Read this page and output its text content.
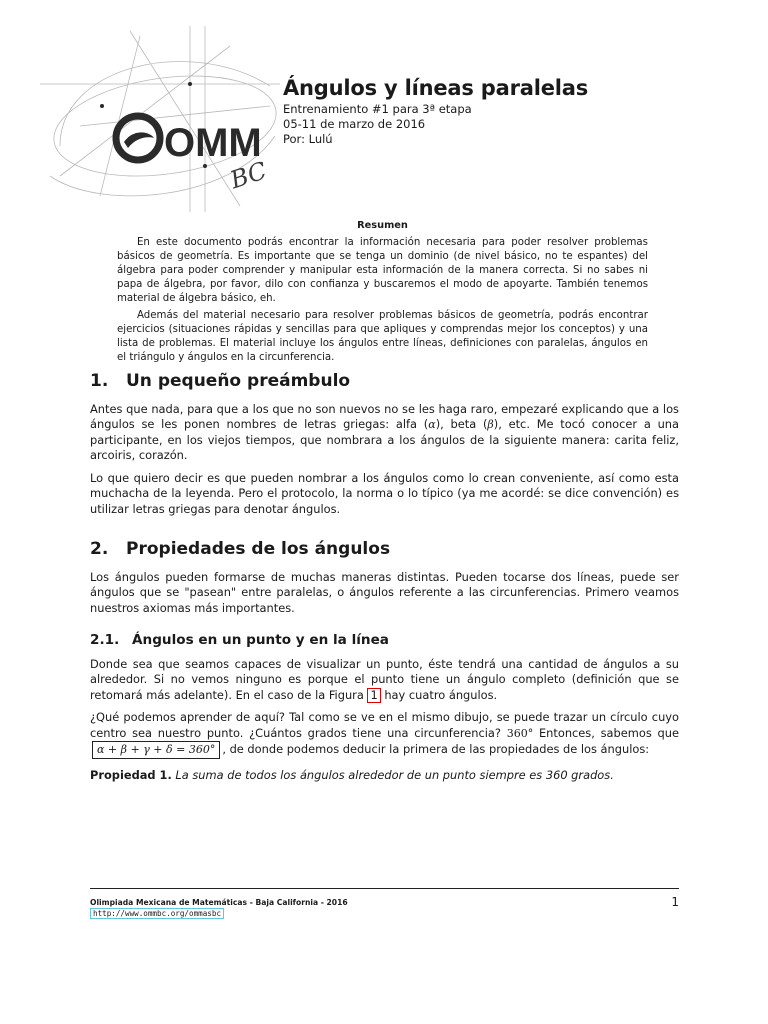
OMM
BC
Ángulos y líneas paralelas

Entrenamiento #1 para 3ª etapa

05-11 de marzo de 2016

Por: Lulú

Resumen

En este documento podrás encontrar la información necesaria para poder resolver problemas básicos de geometría. Es importante que se tenga un dominio (de nivel básico, no te espantes) del álgebra para poder comprender y manipular esta información de la manera correcta. Si no sabes ni papa de álgebra, por favor, dilo con confianza y buscaremos el modo de apoyarte. También tenemos material de álgebra básico, eh.

Además del material necesario para resolver problemas básicos de geometría, podrás encontrar ejercicios (situaciones rápidas y sencillas para que apliques y comprendas mejor los conceptos) y una lista de problemas. El material incluye los ángulos entre líneas, definiciones con paralelas, ángulos en el triángulo y ángulos en la circunferencia.

1.	Un pequeño preámbulo

Antes que nada, para que a los que no son nuevos no se les haga raro, empezaré explicando que a los ángulos se les ponen nombres de letras griegas: alfa (α), beta (β), etc. Me tocó conocer a una participante, en los viejos tiempos, que nombrara a los ángulos de la siguiente manera: carita feliz, arcoiris, corazón.

Lo que quiero decir es que pueden nombrar a los ángulos como lo crean conveniente, así como esta muchacha de la leyenda. Pero el protocolo, la norma o lo típico (ya me acordé: se dice convención) es utilizar letras griegas para denotar ángulos.

2.	Propiedades de los ángulos

Los ángulos pueden formarse de muchas maneras distintas. Pueden tocarse dos líneas, puede ser ángulos que se "pasean" entre paralelas, o ángulos referente a las circunferencias. Primero veamos nuestros axiomas más importantes.

2.1. Ángulos en un punto y en la línea

Donde sea que seamos capaces de visualizar un punto, éste tendrá una cantidad de ángulos a su alrededor. Si no vemos ninguno es porque el punto tiene un ángulo completo (definición que se retomará más adelante). En el caso de la Figura 1 hay cuatro ángulos.

¿Qué podemos aprender de aquí? Tal como se ve en el mismo dibujo, se puede trazar un círculo cuyo centro sea nuestro punto. ¿Cuántos grados tiene una circunferencia? 360° Entonces, sabemos que α + β + γ + δ = 360° , de donde podemos deducir la primera de las propiedades de los ángulos:

Propiedad 1. La suma de todos los ángulos alrededor de un punto siempre es 360 grados.

Olimpiada Mexicana de Matemáticas - Baja California - 2016
http://www.ommbc.org/ommasbc
1
